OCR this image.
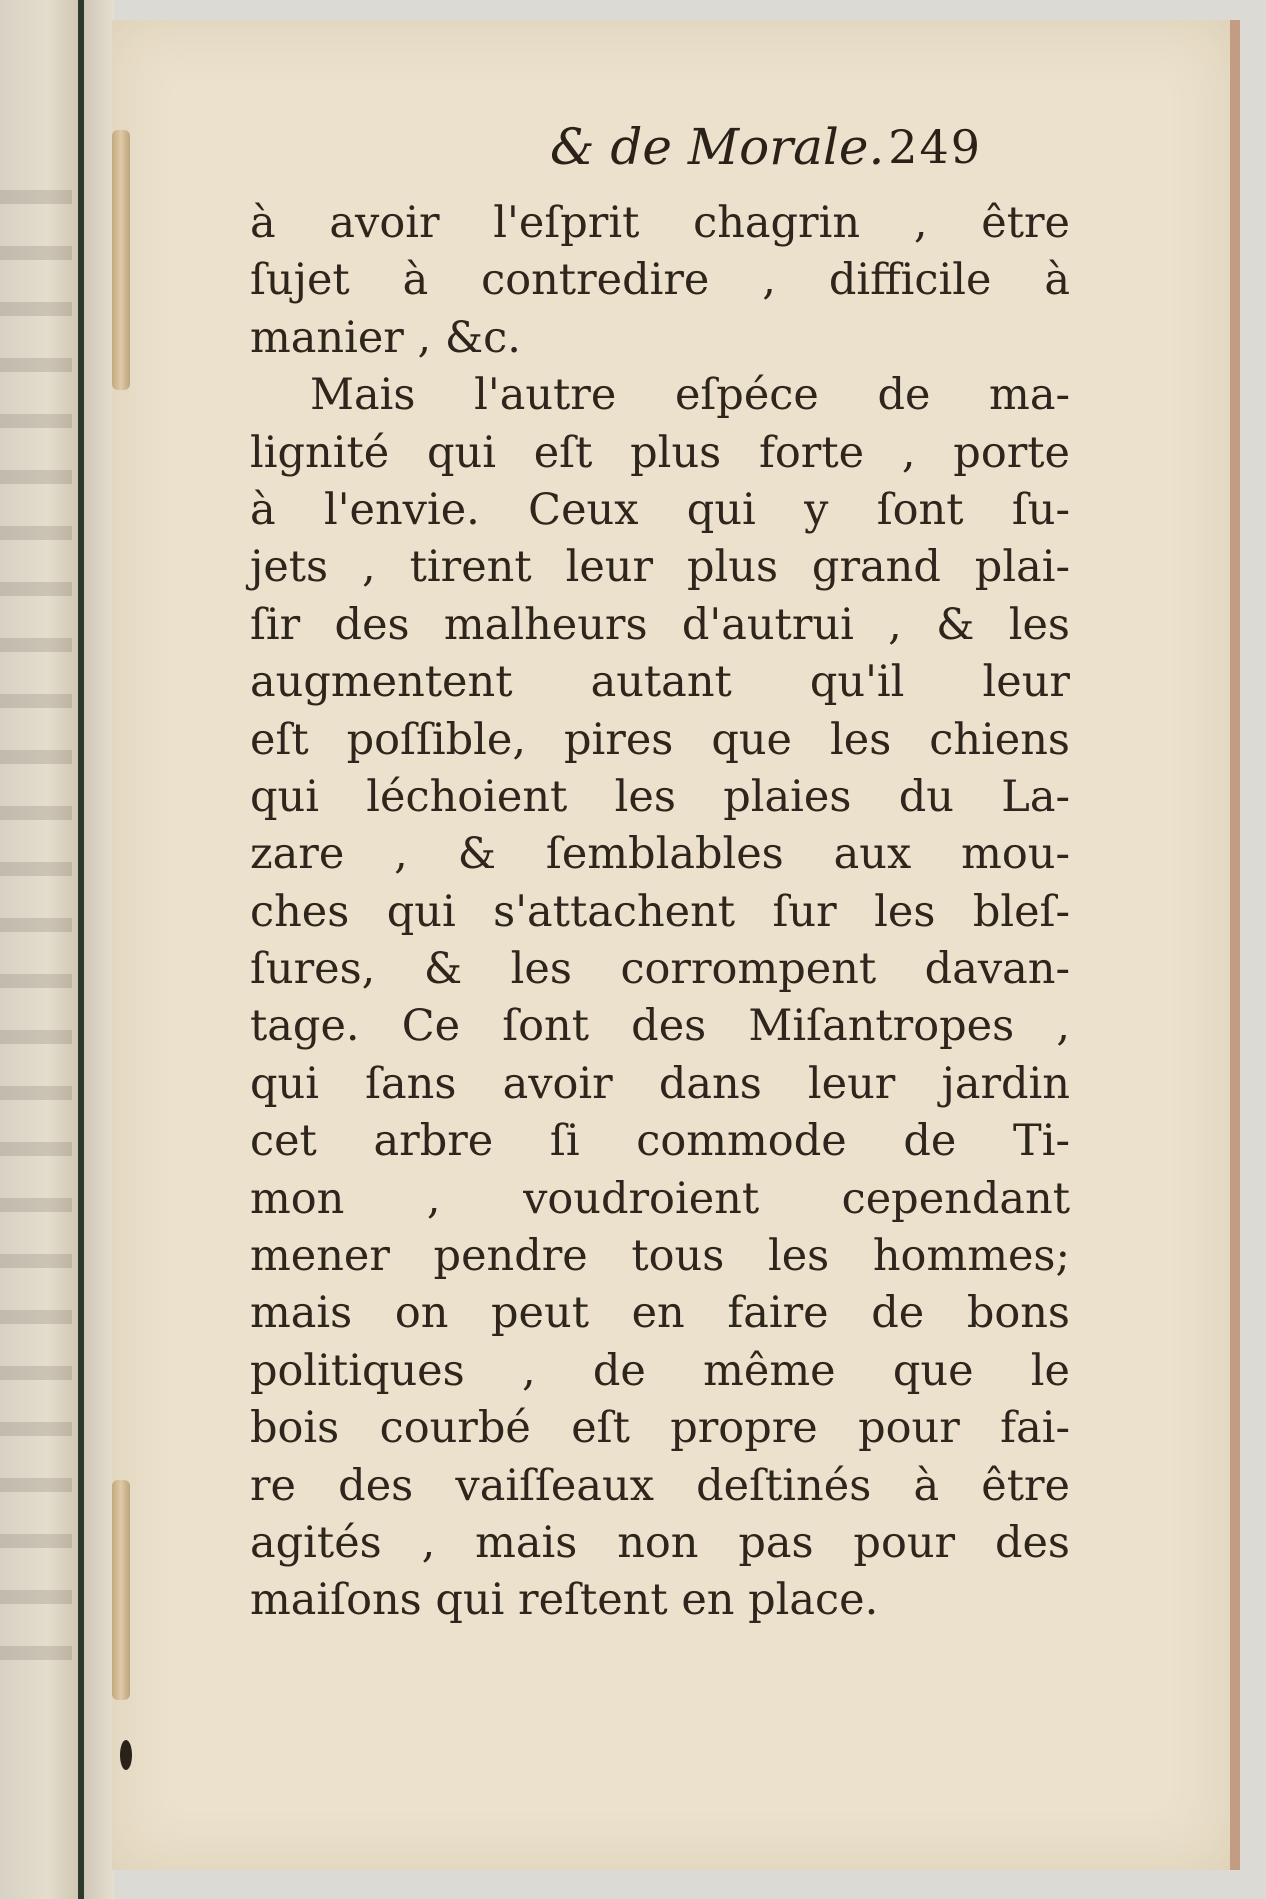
& de Morale. 249
à avoir l'eſprit chagrin , être
ſujet à contredire , difficile à
manier , &c.
Mais l'autre eſpéce de ma-
lignité qui eſt plus forte , porte
à l'envie. Ceux qui y ſont ſu-
jets , tirent leur plus grand plai-
ſir des malheurs d'autrui , & les
augmentent autant qu'il leur
eſt poſſible, pires que les chiens
qui léchoient les plaies du La-
zare , & ſemblables aux mou-
ches qui s'attachent ſur les bleſ-
ſures, & les corrompent davan-
tage. Ce ſont des Miſantropes ,
qui ſans avoir dans leur jardin
cet arbre ſi commode de Ti-
mon , voudroient cependant
mener pendre tous les hommes;
mais on peut en faire de bons
politiques , de même que le
bois courbé eſt propre pour fai-
re des vaiſſeaux deſtinés à être
agités , mais non pas pour des
maiſons qui reſtent en place.
